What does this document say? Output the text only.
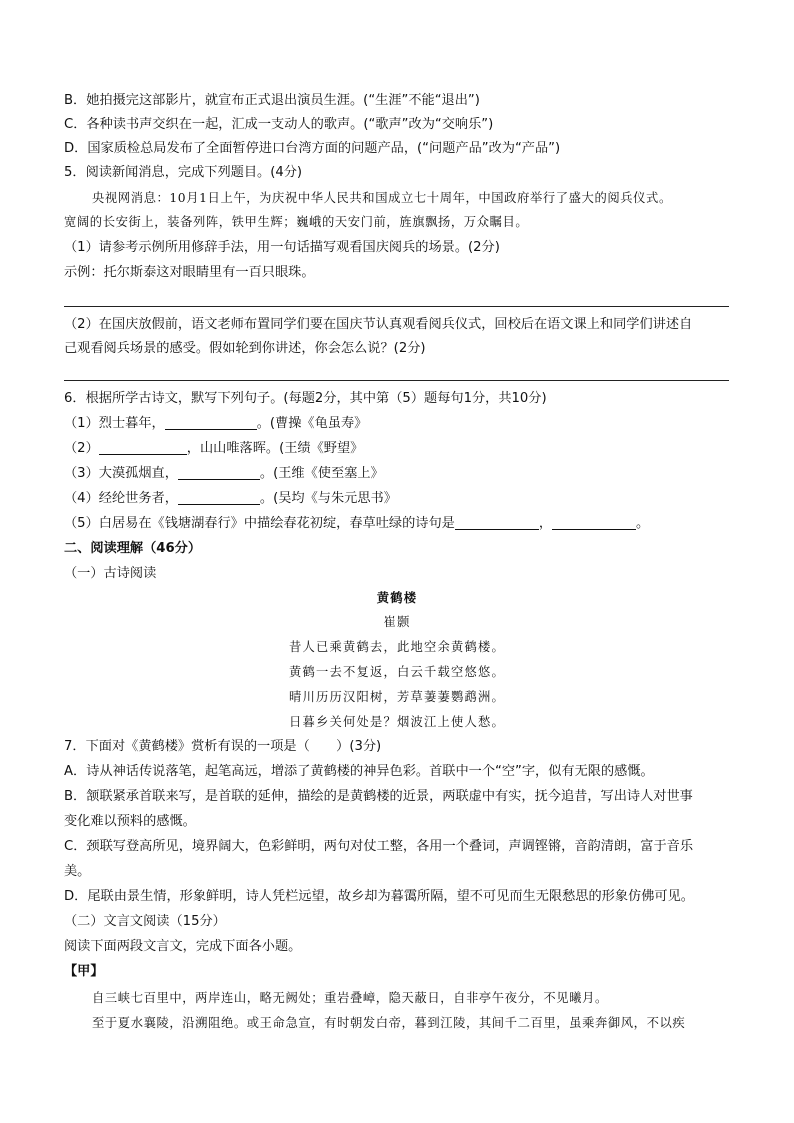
B．她拍摄完这部影片，就宣布正式退出演员生涯。(“生涯”不能“退出”)
C．各种读书声交织在一起，汇成一支动人的歌声。(“歌声”改为“交响乐”)
D．国家质检总局发布了全面暂停进口台湾方面的问题产品，(“问题产品”改为“产品”)
5．阅读新闻消息，完成下列题目。(4分)
央视网消息：10月1日上午，为庆祝中华人民共和国成立七十周年，中国政府举行了盛大的阅兵仪式。
宽阔的长安街上，装备列阵，铁甲生辉；巍峨的天安门前，旌旗飘扬，万众瞩目。
（1）请参考示例所用修辞手法，用一句话描写观看国庆阅兵的场景。(2分)
示例：托尔斯泰这对眼睛里有一百只眼珠。
（2）在国庆放假前，语文老师布置同学们要在国庆节认真观看阅兵仪式，回校后在语文课上和同学们讲述自
己观看阅兵场景的感受。假如轮到你讲述，你会怎么说？(2分)
6．根据所学古诗文，默写下列句子。(每题2分，其中第（5）题每句1分，共10分)
（1）烈士暮年，	。(曹操《龟虽寿》
（2）	，山山唯落晖。(王绩《野望》
（3）大漠孤烟直，	。(王维《使至塞上》
（4）经纶世务者，	。(吴均《与朱元思书》
（5）白居易在《钱塘湖春行》中描绘春花初绽，春草吐绿的诗句是	，	。
二、阅读理解（46分）
（一）古诗阅读
黄鹤楼
崔颢
昔人已乘黄鹤去，此地空余黄鹤楼。
黄鹤一去不复返，白云千载空悠悠。
晴川历历汉阳树，芳草萋萋鹦鹉洲。
日暮乡关何处是？烟波江上使人愁。
7．下面对《黄鹤楼》赏析有误的一项是（　　）(3分)
A．诗从神话传说落笔，起笔高远，增添了黄鹤楼的神异色彩。首联中一个“空”字，似有无限的感慨。
B．颔联紧承首联来写，是首联的延伸，描绘的是黄鹤楼的近景，两联虚中有实，抚今追昔，写出诗人对世事
变化难以预料的感慨。
C．颈联写登高所见，境界阔大，色彩鲜明，两句对仗工整，各用一个叠词，声调铿锵，音韵清朗，富于音乐
美。
D．尾联由景生情，形象鲜明，诗人凭栏远望，故乡却为暮霭所隔，望不可见而生无限愁思的形象仿佛可见。
（二）文言文阅读（15分）
阅读下面两段文言文，完成下面各小题。
【甲】
自三峡七百里中，两岸连山，略无阙处；重岩叠嶂，隐天蔽日，自非亭午夜分，不见曦月。
至于夏水襄陵，沿溯阻绝。或王命急宣，有时朝发白帝，暮到江陵，其间千二百里，虽乘奔御风，不以疾
